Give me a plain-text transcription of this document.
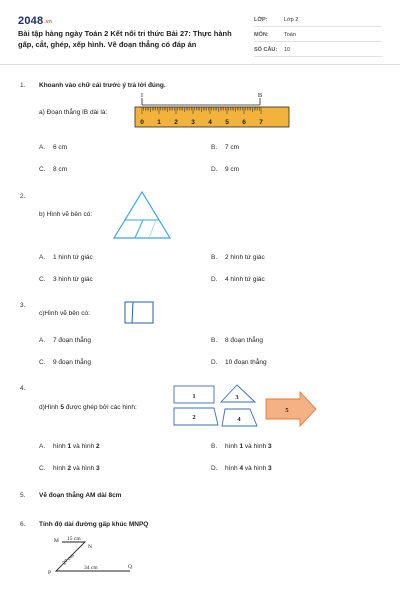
2048.vn
Bài tập hàng ngày Toán 2 Kết nối tri thức Bài 27: Thực hành gấp, cắt, ghép, xếp hình. Vẽ đoạn thẳng có đáp án
LỚP:	Lớp 2
MÔN:	Toán
SỐ CÂU: 10
1. Khoanh vào chữ cái trước ý trả lời đúng.
a) Đoạn thẳng IB dài là:
I	B
0 1 2 3 4 5 6 7
A. 6 cm	B. 7 cm
C. 8 cm	D. 9 cm
2.
b) Hình vẽ bên có:
A. 1 hình tứ giác	B. 2 hình tứ giác
C. 3 hình tứ giác	D. 4 hình tứ giác
3.
c)Hình vẽ bên có:
A. 7 đoạn thẳng	B. 8 đoạn thẳng
C. 9 đoạn thẳng	D. 10 đoạn thẳng
4.
d)Hình 5 được ghép bởi các hình:
1
2
3
4
5
A. hình 1 và hình 2	B. hình 1 và hình 3
C. hình 2 và hình 3	D. hình 4 và hình 3
5. Vẽ đoạn thẳng AM dài 8cm
6. Tính độ dài đường gấp khúc MNPQ
M
N
P
Q
15 cm
27 cm
34 cm
